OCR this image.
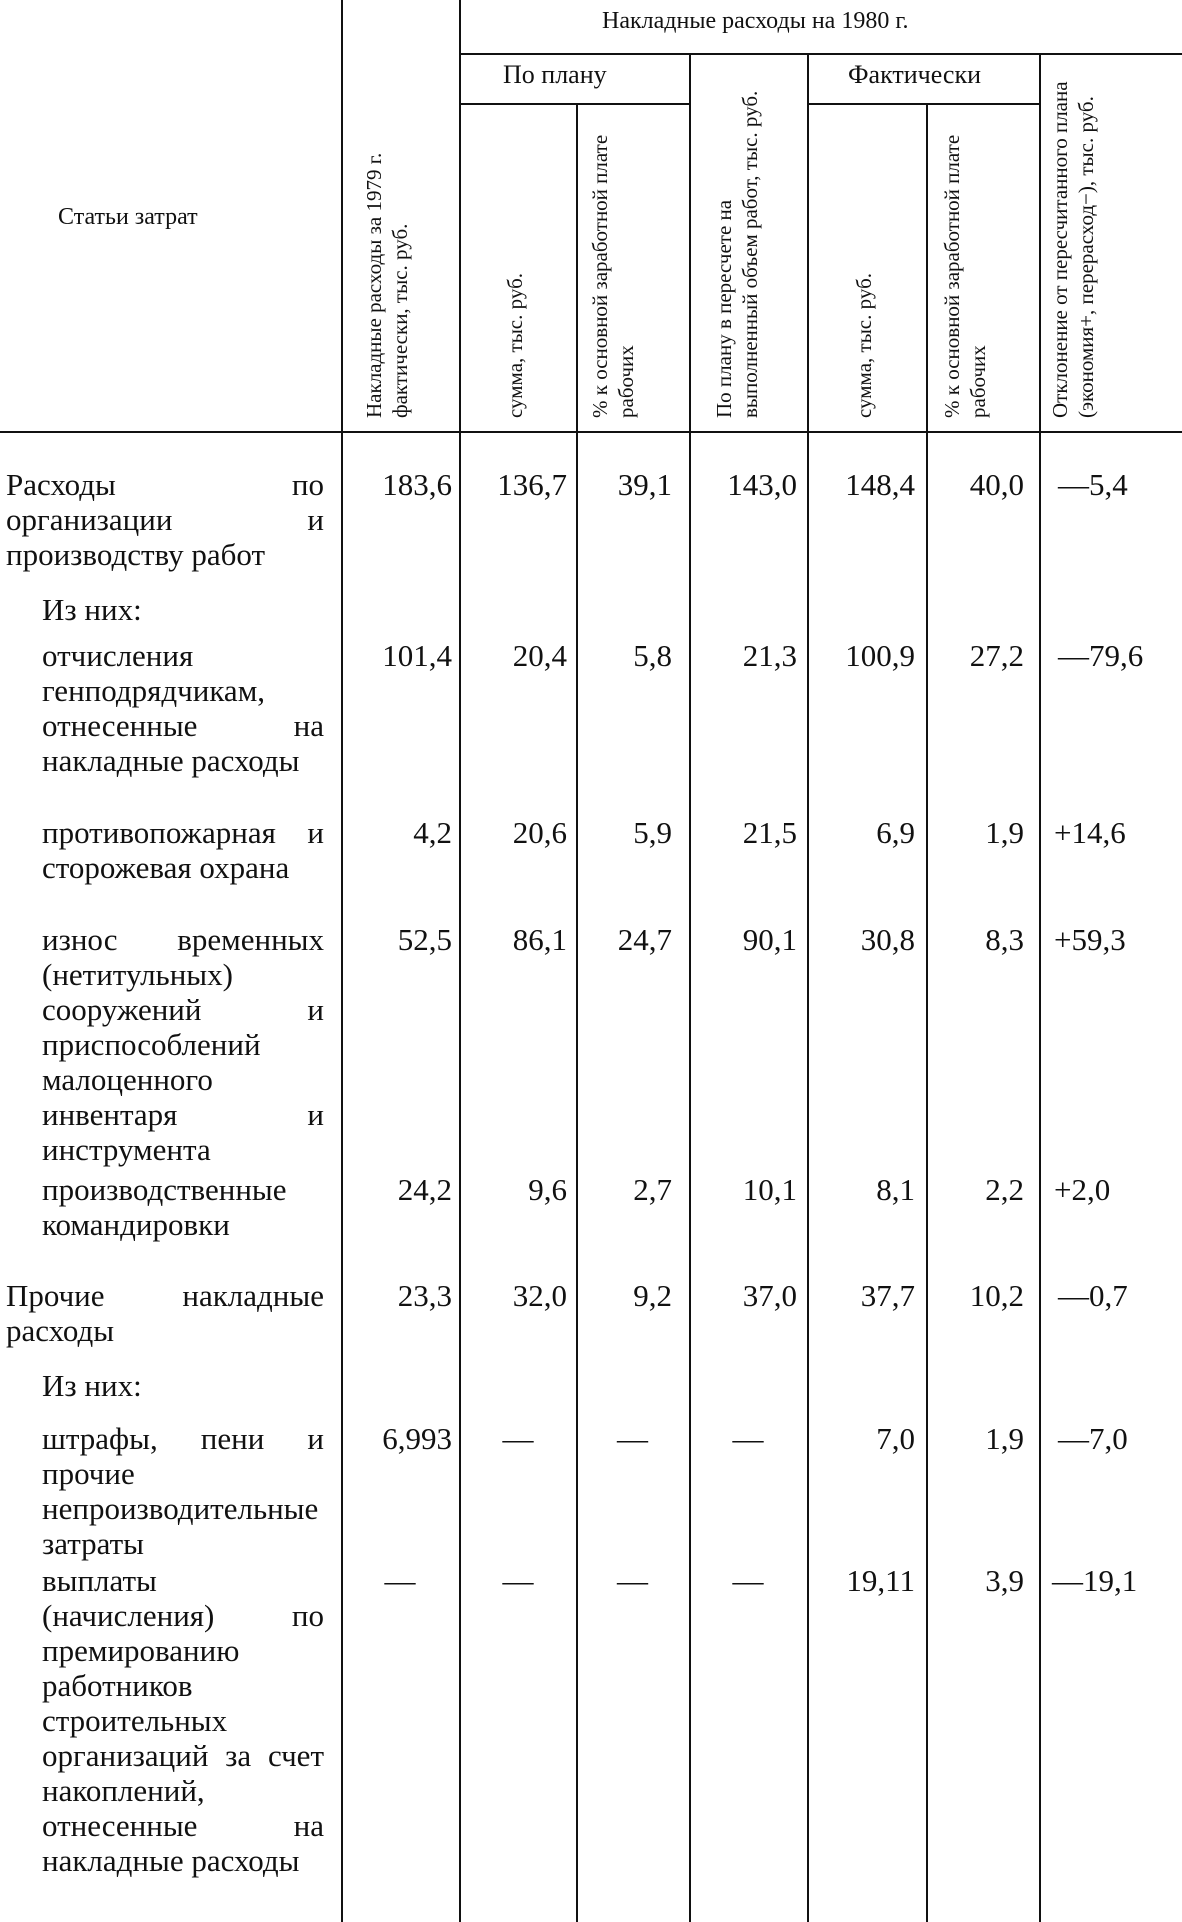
Накладные расходы на 1980 г.
Статьи затрат
По плану	Фактически
Накладные расходы за 1979 г. фактически, тыс. руб.	сумма, тыс. руб.	% к основной заработной плате рабочих	По плану в пересчете на выполненный объем работ, тыс. руб.	сумма, тыс. руб.	% к основной заработной плате рабочих	Отклонение от пересчитанного плана (экономия+, перерасход−), тыс. руб.
Расходы по организации и производству работ
183,6	136,7	39,1	143,0	148,4	40,0 —5,4
Из них:
отчисления генподрядчикам, отнесенные на накладные расходы
101,4	20,4	5,8	21,3	100,9	27,2 —79,6
противопожарная и сторожевая охрана
4,2	20,6	5,9	21,5	6,9	1,9 +14,6
износ временных (нетитульных) сооружений и приспособлений малоценного инвентаря и инструмента
52,5	86,1	24,7	90,1	30,8	8,3 +59,3
производственные командировки
24,2	9,6	2,7	10,1	8,1	2,2 +2,0
Прочие накладные расходы
23,3	32,0	9,2	37,0	37,7	10,2 —0,7
Из них:
штрафы, пени и прочие непроизводительные затраты
6,993	—	—	—	7,0	1,9 —7,0
выплаты (начисления) по премированию работников строительных организаций за счет накоплений, отнесенные на накладные расходы
—	—	—	—	19,11	3,9 —19,1
